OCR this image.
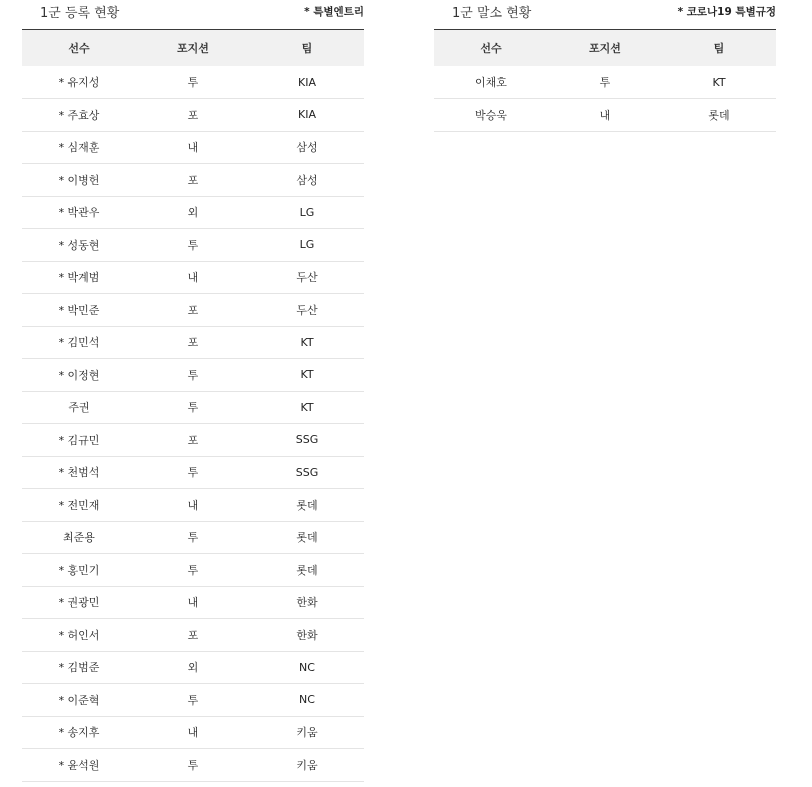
1군 등록 현황	* 특별엔트리
선수	포지션	팀
* 유지성	투	KIA
* 주효상	포	KIA
* 심재훈	내	삼성
* 이병헌	포	삼성
* 박관우	외	LG
* 성동현	투	LG
* 박계범	내	두산
* 박민준	포	두산
* 김민석	포	KT
* 이정현	투	KT
주권	투	KT
* 김규민	포	SSG
* 천범석	투	SSG
* 전민재	내	롯데
최준용	투	롯데
* 홍민기	투	롯데
* 권광민	내	한화
* 허인서	포	한화
* 김범준	외	NC
* 이준혁	투	NC
* 송지후	내	키움
* 윤석원	투	키움
1군 말소 현황	* 코로나19 특별규정
선수	포지션	팀
이채호	투	KT
박승욱	내	롯데
